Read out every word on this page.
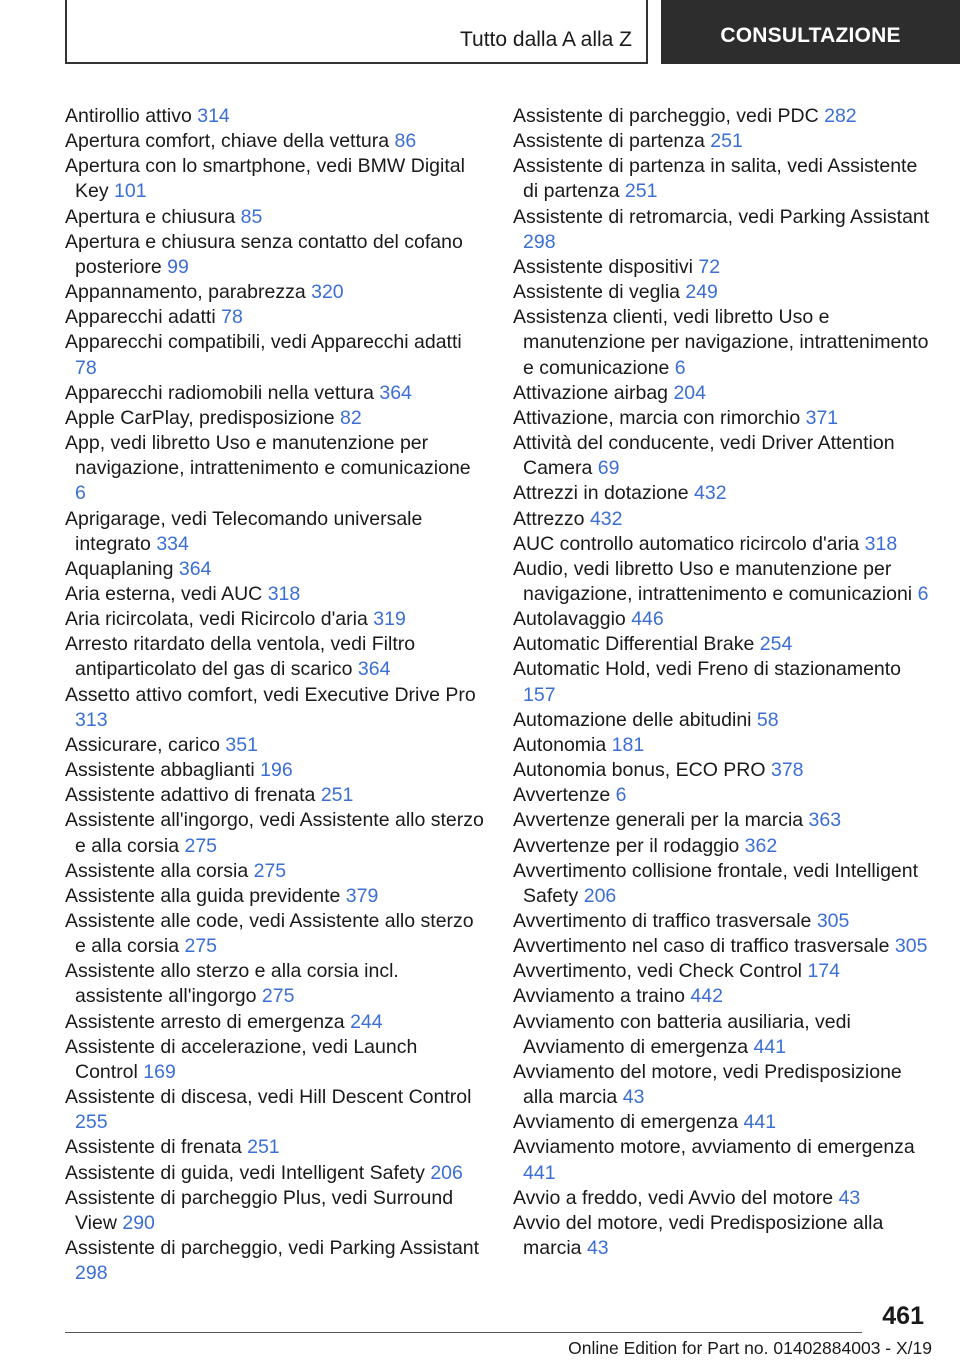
Tutto dalla A alla Z	CONSULTAZIONE
Antirollio attivo 314
Apertura comfort, chiave della vettura 86
Apertura con lo smartphone, vedi BMW Digital Key 101
Apertura e chiusura 85
Apertura e chiusura senza contatto del cofano posteriore 99
Appannamento, parabrezza 320
Apparecchi adatti 78
Apparecchi compatibili, vedi Apparecchi adatti 78
Apparecchi radiomobili nella vettura 364
Apple CarPlay, predisposizione 82
App, vedi libretto Uso e manutenzione per navigazione, intrattenimento e comunicazione 6
Aprigarage, vedi Telecomando universale integrato 334
Aquaplaning 364
Aria esterna, vedi AUC 318
Aria ricircolata, vedi Ricircolo d'aria 319
Arresto ritardato della ventola, vedi Filtro antiparticolato del gas di scarico 364
Assetto attivo comfort, vedi Executive Drive Pro 313
Assicurare, carico 351
Assistente abbaglianti 196
Assistente adattivo di frenata 251
Assistente all'ingorgo, vedi Assistente allo sterzo e alla corsia 275
Assistente alla corsia 275
Assistente alla guida previdente 379
Assistente alle code, vedi Assistente allo sterzo e alla corsia 275
Assistente allo sterzo e alla corsia incl. assistente all'ingorgo 275
Assistente arresto di emergenza 244
Assistente di accelerazione, vedi Launch Control 169
Assistente di discesa, vedi Hill Descent Control 255
Assistente di frenata 251
Assistente di guida, vedi Intelligent Safety 206
Assistente di parcheggio Plus, vedi Surround View 290
Assistente di parcheggio, vedi Parking Assistant 298
Assistente di parcheggio, vedi PDC 282
Assistente di partenza 251
Assistente di partenza in salita, vedi Assistente di partenza 251
Assistente di retromarcia, vedi Parking Assistant 298
Assistente dispositivi 72
Assistente di veglia 249
Assistenza clienti, vedi libretto Uso e manutenzione per navigazione, intrattenimento e comunicazione 6
Attivazione airbag 204
Attivazione, marcia con rimorchio 371
Attività del conducente, vedi Driver Attention Camera 69
Attrezzi in dotazione 432
Attrezzo 432
AUC controllo automatico ricircolo d'aria 318
Audio, vedi libretto Uso e manutenzione per navigazione, intrattenimento e comunicazioni 6
Autolavaggio 446
Automatic Differential Brake 254
Automatic Hold, vedi Freno di stazionamento 157
Automazione delle abitudini 58
Autonomia 181
Autonomia bonus, ECO PRO 378
Avvertenze 6
Avvertenze generali per la marcia 363
Avvertenze per il rodaggio 362
Avvertimento collisione frontale, vedi Intelligent Safety 206
Avvertimento di traffico trasversale 305
Avvertimento nel caso di traffico trasversale 305
Avvertimento, vedi Check Control 174
Avviamento a traino 442
Avviamento con batteria ausiliaria, vedi Avviamento di emergenza 441
Avviamento del motore, vedi Predisposizione alla marcia 43
Avviamento di emergenza 441
Avviamento motore, avviamento di emergenza 441
Avvio a freddo, vedi Avvio del motore 43
Avvio del motore, vedi Predisposizione alla marcia 43
461
Online Edition for Part no. 01402884003 - X/19
